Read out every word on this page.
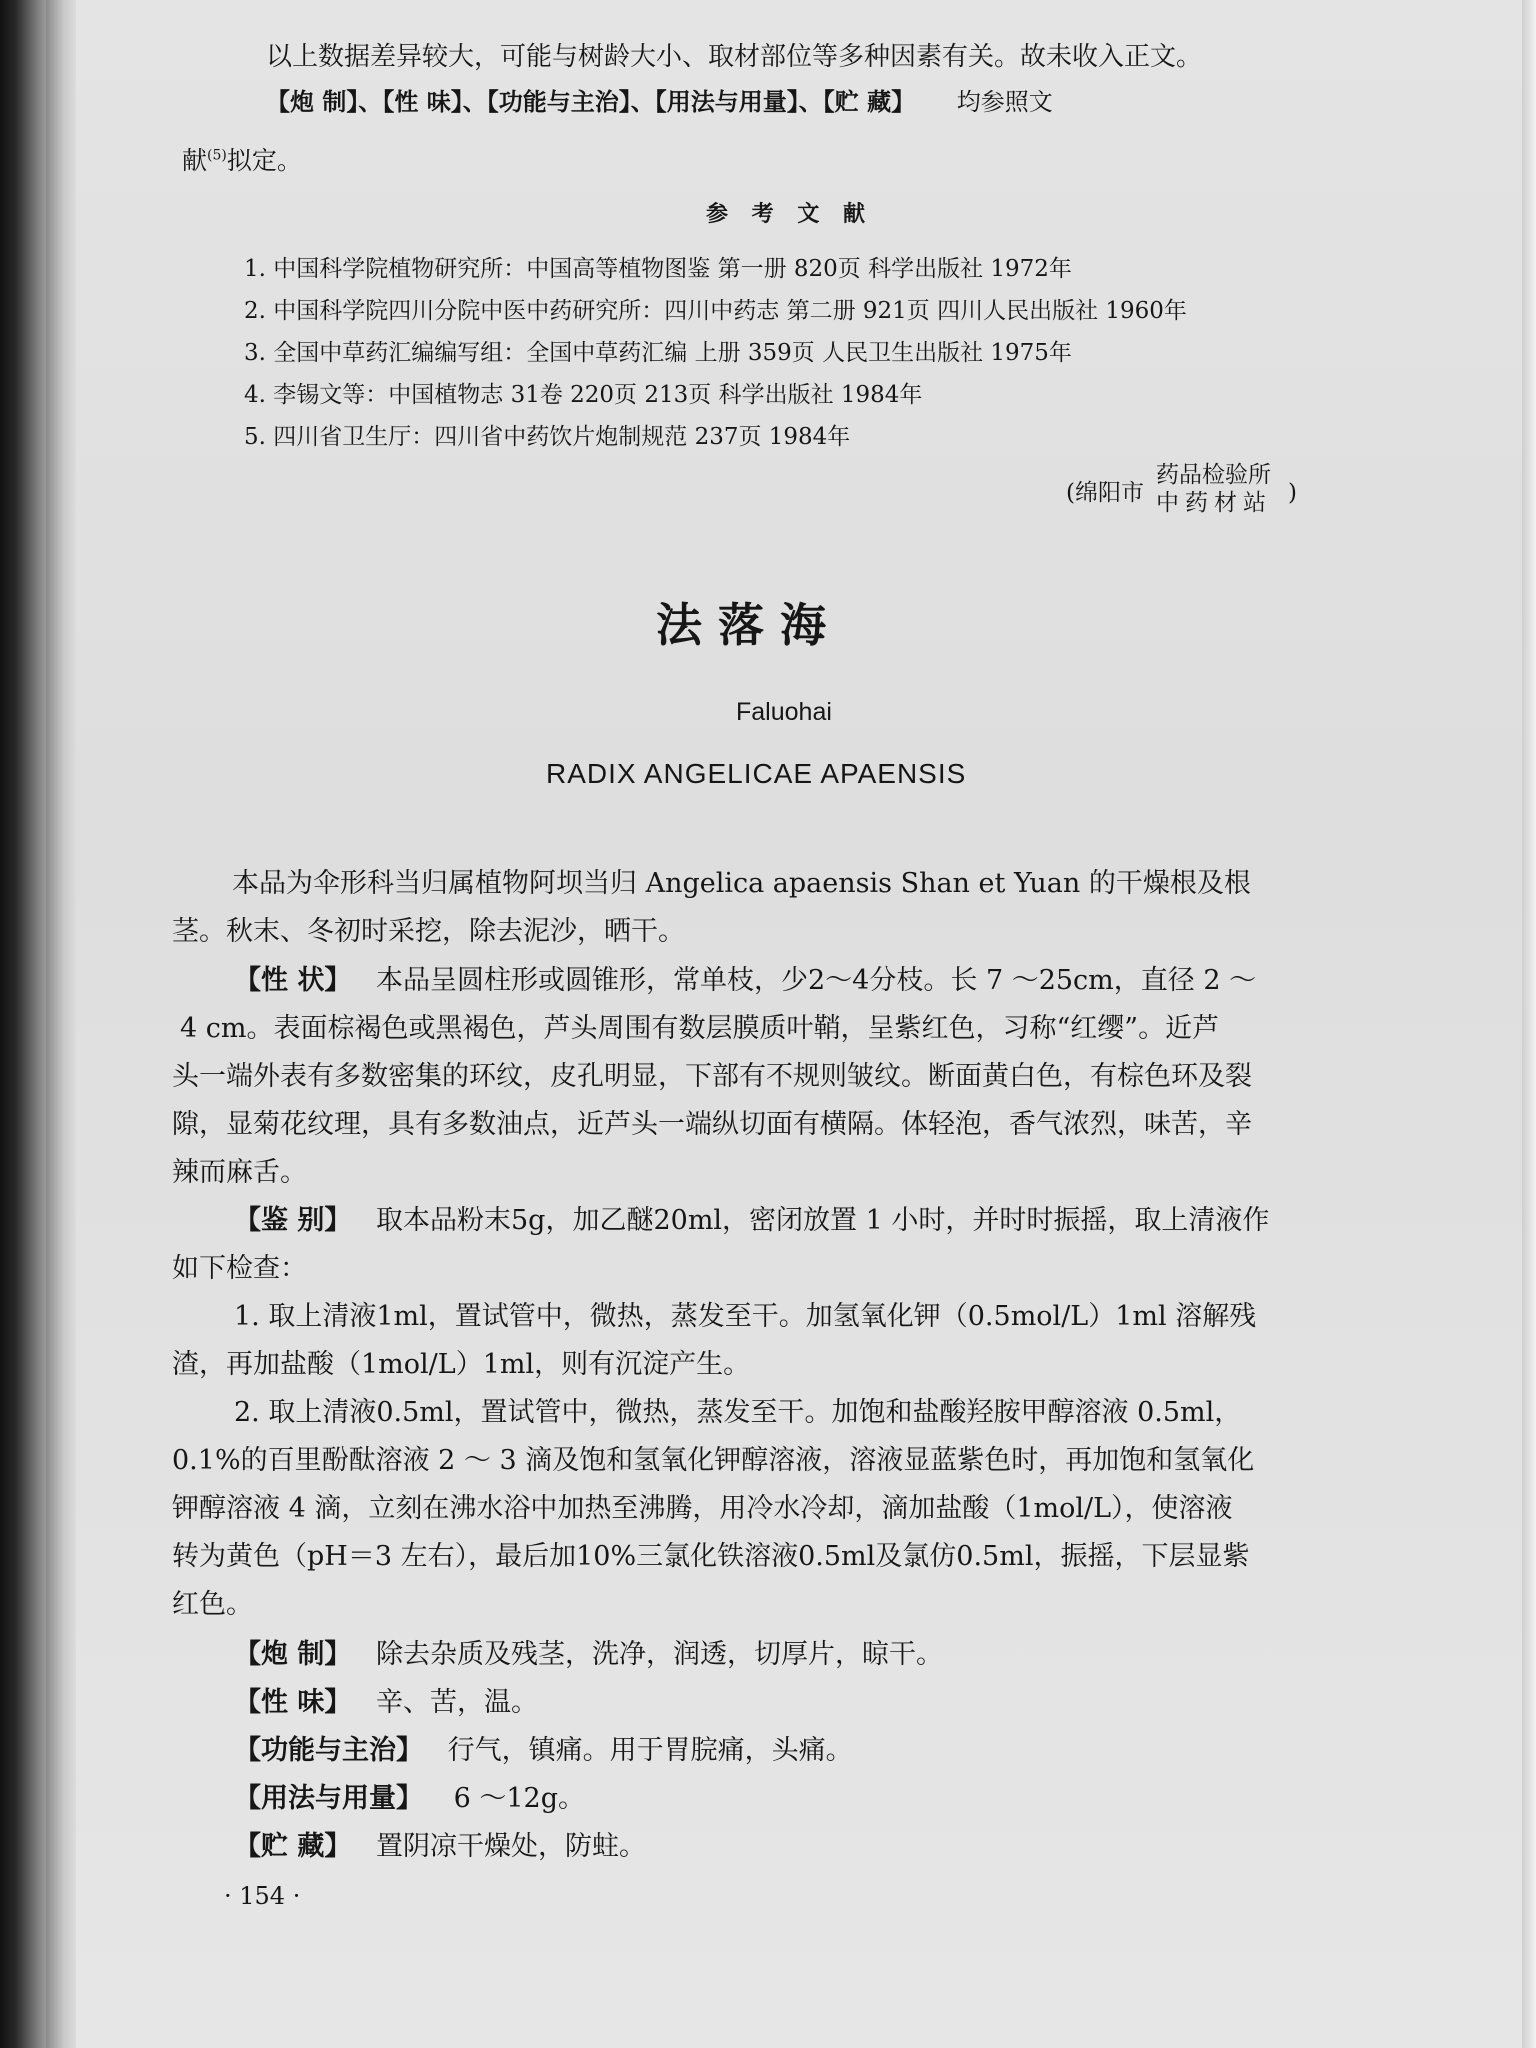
以上数据差异较大，可能与树龄大小、取材部位等多种因素有关。故未收入正文。
【炮 制】、【性 味】、【功能与主治】、【用法与用量】、【贮 藏】 均参照文
献$^{(5)}$拟定。
参 考 文 献
1. 中国科学院植物研究所：中国高等植物图鉴 第一册 820页 科学出版社 1972年
2. 中国科学院四川分院中医中药研究所：四川中药志 第二册 921页 四川人民出版社 1960年
3. 全国中草药汇编编写组：全国中草药汇编 上册 359页 人民卫生出版社 1975年
4. 李锡文等：中国植物志 31卷 220页 213页 科学出版社 1984年
5. 四川省卫生厅：四川省中药饮片炮制规范 237页 1984年
(绵阳市
药品检验所
中药材站 )
法 落 海
Faluohai
RADIX ANGELICAE APAENSIS
本品为伞形科当归属植物阿坝当归 Angelica apaensis Shan et Yuan 的干燥根及根
茎。秋末、冬初时采挖，除去泥沙，晒干。
【性 状】 本品呈圆柱形或圆锥形，常单枝，少2～4分枝。长 7 ～25cm，直径 2 ～
4 cm。表面棕褐色或黑褐色，芦头周围有数层膜质叶鞘，呈紫红色，习称“红缨”。近芦
头一端外表有多数密集的环纹，皮孔明显，下部有不规则皱纹。断面黄白色，有棕色环及裂
隙，显菊花纹理，具有多数油点，近芦头一端纵切面有横隔。体轻泡，香气浓烈，味苦，辛
辣而麻舌。
【鉴 别】 取本品粉末5g，加乙醚20ml，密闭放置 1 小时，并时时振摇，取上清液作
如下检查：
1. 取上清液1ml，置试管中，微热，蒸发至干。加氢氧化钾（0.5mol/L）1ml 溶解残
渣，再加盐酸（1mol/L）1ml，则有沉淀产生。
2. 取上清液0.5ml，置试管中，微热，蒸发至干。加饱和盐酸羟胺甲醇溶液 0.5ml，
0.1%的百里酚酞溶液 2 ～ 3 滴及饱和氢氧化钾醇溶液，溶液显蓝紫色时，再加饱和氢氧化
钾醇溶液 4 滴，立刻在沸水浴中加热至沸腾，用冷水冷却，滴加盐酸（1mol/L），使溶液
转为黄色（pH＝3 左右），最后加10%三氯化铁溶液0.5ml及氯仿0.5ml，振摇，下层显紫
红色。
【炮 制】 除去杂质及残茎，洗净，润透，切厚片，晾干。
【性 味】 辛、苦，温。
【功能与主治】 行气，镇痛。用于胃脘痛，头痛。
【用法与用量】 6 ～12g。
【贮 藏】 置阴凉干燥处，防蛀。
· 154 ·
